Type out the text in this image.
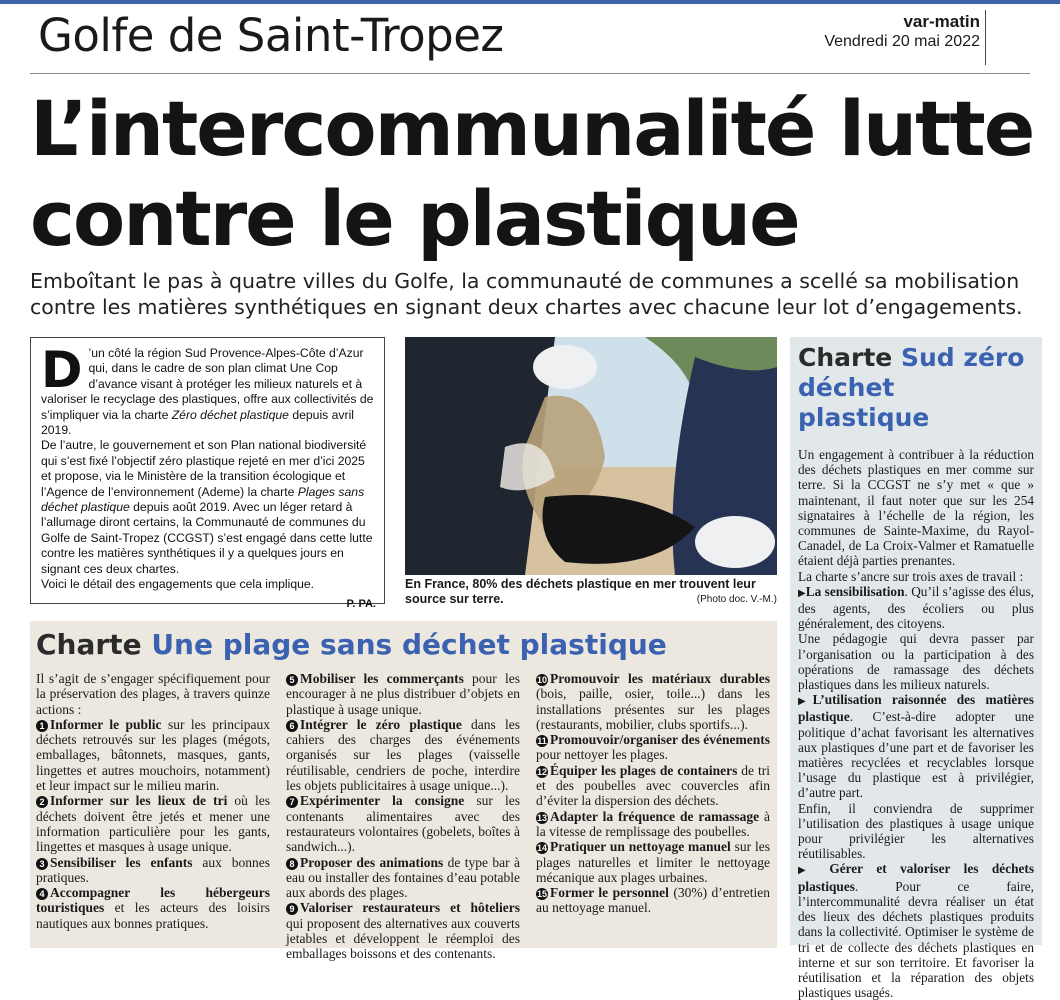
Golfe de Saint-Tropez	var-matin
Vendredi 20 mai 2022
L’intercommunalité lutte contre le plastique

Emboîtant le pas à quatre villes du Golfe, la communauté de communes a scellé sa mobilisation contre les matières synthétiques en signant deux chartes avec chacune leur lot d’engagements.

D ’un côté la région Sud Provence-Alpes-Côte d’Azur qui, dans le cadre de son plan climat Une Cop d’avance visant à protéger les milieux naturels et à valoriser le recyclage des plastiques, offre aux collectivités de s’impliquer via la charte Zéro déchet plastique depuis avril 2019.
De l’autre, le gouvernement et son Plan national biodiversité qui s’est fixé l’objectif zéro plastique rejeté en mer d’ici 2025 et propose, via le Ministère de la transition écologique et l’Agence de l’environnement (Ademe) la charte Plages sans déchet plastique depuis août 2019. Avec un léger retard à l’allumage diront certains, la Communauté de communes du Golfe de Saint-Tropez (CCGST) s’est engagé dans cette lutte contre les matières synthétiques il y a quelques jours en signant ces deux chartes.
Voici le détail des engagements que cela implique.
P. PA.
En France, 80% des déchets plastique en mer trouvent leur source sur terre.	(Photo doc. V.-M.)
Charte Une plage sans déchet plastique

Il s’agit de s’engager spécifiquement pour la préservation des plages, à travers quinze actions :

1 Informer le public sur les principaux déchets retrouvés sur les plages (mégots, emballages, bâtonnets, masques, gants, lingettes et autres mouchoirs, notamment) et leur impact sur le milieu marin.

2 Informer sur les lieux de tri où les déchets doivent être jetés et mener une information particulière pour les gants, lingettes et masques à usage unique.

3 Sensibiliser les enfants aux bonnes pratiques.

4 Accompagner les hébergeurs touristiques et les acteurs des loisirs nautiques aux bonnes pratiques.

5 Mobiliser les commerçants pour les encourager à ne plus distribuer d’objets en plastique à usage unique.

6 Intégrer le zéro plastique dans les cahiers des charges des événements organisés sur les plages (vaisselle réutilisable, cendriers de poche, interdire les objets publicitaires à usage unique...).

7 Expérimenter la consigne sur les contenants alimentaires avec des restaurateurs volontaires (gobelets, boîtes à sandwich...).

8 Proposer des animations de type bar à eau ou installer des fontaines d’eau potable aux abords des plages.

9 Valoriser restaurateurs et hôteliers qui proposent des alternatives aux couverts jetables et développent le réemploi des emballages boissons et des contenants.

10 Promouvoir les matériaux durables (bois, paille, osier, toile...) dans les installations présentes sur les plages (restaurants, mobilier, clubs sportifs...).

11 Promouvoir/organiser des événements pour nettoyer les plages.

12 Équiper les plages de containers de tri et des poubelles avec couvercles afin d’éviter la dispersion des déchets.

13 Adapter la fréquence de ramassage à la vitesse de remplissage des poubelles.

14 Pratiquer un nettoyage manuel sur les plages naturelles et limiter le nettoyage mécanique aux plages urbaines.

15 Former le personnel (30%) d’entretien au nettoyage manuel.

Charte Sud zéro déchet plastique

Un engagement à contribuer à la réduction des déchets plastiques en mer comme sur terre. Si la CCGST ne s’y met « que » maintenant, il faut noter que sur les 254 signataires à l’échelle de la région, les communes de Sainte-Maxime, du Rayol-Canadel, de La Croix-Valmer et Ramatuelle étaient déjà parties prenantes.

La charte s’ancre sur trois axes de travail :

▶La sensibilisation. Qu’il s’agisse des élus, des agents, des écoliers ou plus généralement, des citoyens.

Une pédagogie qui devra passer par l’organisation ou la participation à des opérations de ramassage des déchets plastiques dans les milieux naturels.

▶L’utilisation raisonnée des matières plastique. C’est-à-dire adopter une politique d’achat favorisant les alternatives aux plastiques d’une part et de favoriser les matières recyclées et recyclables lorsque l’usage du plastique est à privilégier, d’autre part.

Enfin, il conviendra de supprimer l’utilisation des plastiques à usage unique pour privilégier les alternatives réutilisables.

▶ Gérer et valoriser les déchets plastiques. Pour ce faire, l’intercommunalité devra réaliser un état des lieux des déchets plastiques produits dans la collectivité. Optimiser le système de tri et de collecte des déchets plastiques en interne et sur son territoire. Et favoriser la réutilisation et la réparation des objets plastiques usagés.
